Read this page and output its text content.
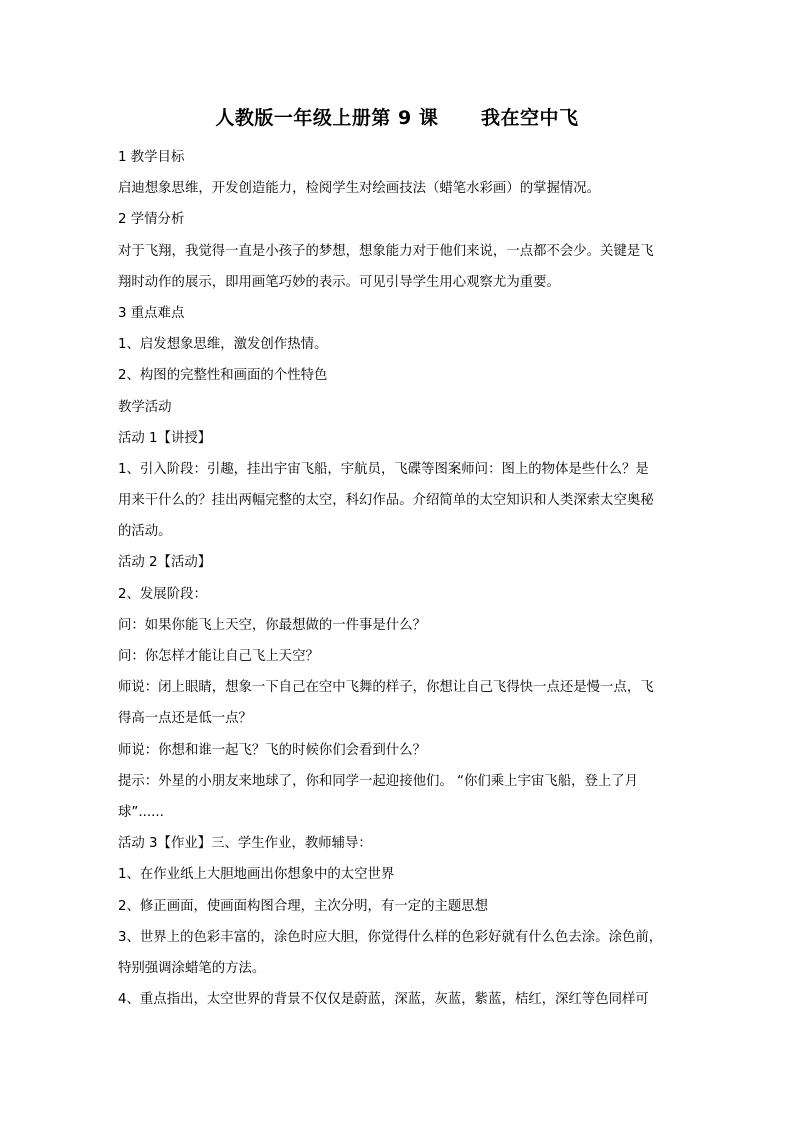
人教版一年级上册第 9 课      我在空中飞
1 教学目标
启迪想象思维，开发创造能力，检阅学生对绘画技法（蜡笔水彩画）的掌握情况。
2 学情分析
对于飞翔，我觉得一直是小孩子的梦想，想象能力对于他们来说，一点都不会少。关键是飞
翔时动作的展示，即用画笔巧妙的表示。可见引导学生用心观察尤为重要。
3 重点难点
1、启发想象思维，激发创作热情。
2、构图的完整性和画面的个性特色
教学活动
活动 1【讲授】
1、引入阶段：引趣，挂出宇宙飞船，宇航员，飞碟等图案师问：图上的物体是些什么？是
用来干什么的？挂出两幅完整的太空，科幻作品。介绍简单的太空知识和人类深索太空奥秘
的活动。
活动 2【活动】
2、发展阶段：
问：如果你能飞上天空，你最想做的一件事是什么？
问：你怎样才能让自己飞上天空？
师说：闭上眼睛，想象一下自己在空中飞舞的样子，你想让自己飞得快一点还是慢一点，飞
得高一点还是低一点？
师说：你想和谁一起飞？飞的时候你们会看到什么？
提示：外星的小朋友来地球了，你和同学一起迎接他们。 “你们乘上宇宙飞船，登上了月
球”......
活动 3【作业】三、学生作业，教师辅导：
1、在作业纸上大胆地画出你想象中的太空世界
2、修正画面，使画面构图合理，主次分明，有一定的主题思想
3、世界上的色彩丰富的，涂色时应大胆，你觉得什么样的色彩好就有什么色去涂。涂色前，
特别强调涂蜡笔的方法。
4、重点指出，太空世界的背景不仅仅是蔚蓝，深蓝，灰蓝，紫蓝，桔红，深红等色同样可
